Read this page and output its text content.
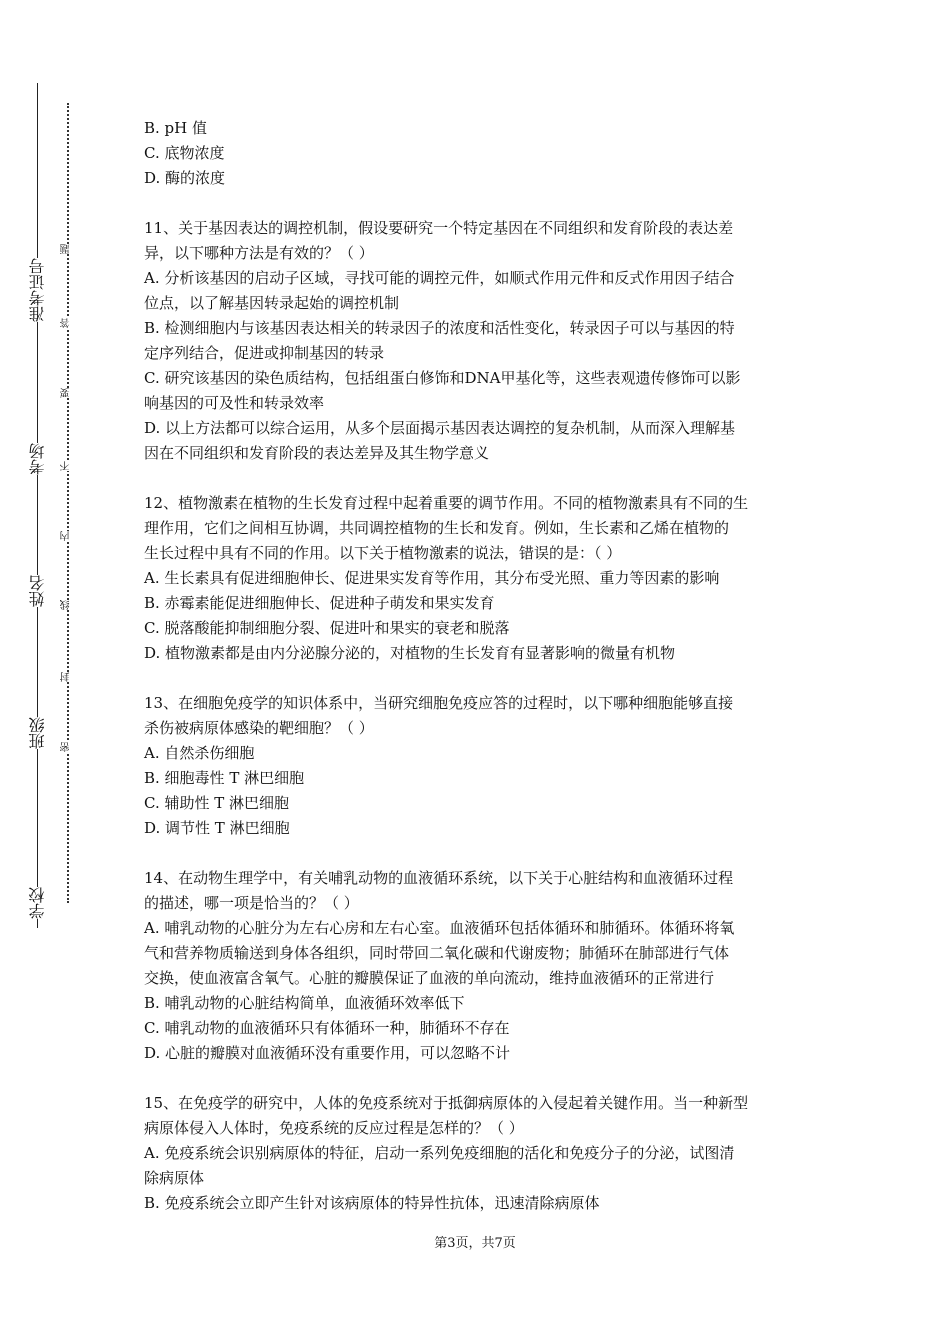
准考证号
考场
姓名
班级
学校
题
答
要
不
内
线
封
密
B. pH 值
C. 底物浓度
D. 酶的浓度
11、关于基因表达的调控机制，假设要研究一个特定基因在不同组织和发育阶段的表达差
异，以下哪种方法是有效的？（ ）
A. 分析该基因的启动子区域，寻找可能的调控元件，如顺式作用元件和反式作用因子结合
位点，以了解基因转录起始的调控机制
B. 检测细胞内与该基因表达相关的转录因子的浓度和活性变化，转录因子可以与基因的特
定序列结合，促进或抑制基因的转录
C. 研究该基因的染色质结构，包括组蛋白修饰和DNA甲基化等，这些表观遗传修饰可以影
响基因的可及性和转录效率
D. 以上方法都可以综合运用，从多个层面揭示基因表达调控的复杂机制，从而深入理解基
因在不同组织和发育阶段的表达差异及其生物学意义
12、植物激素在植物的生长发育过程中起着重要的调节作用。不同的植物激素具有不同的生
理作用，它们之间相互协调，共同调控植物的生长和发育。例如，生长素和乙烯在植物的
生长过程中具有不同的作用。以下关于植物激素的说法，错误的是：（ ）
A. 生长素具有促进细胞伸长、促进果实发育等作用，其分布受光照、重力等因素的影响
B. 赤霉素能促进细胞伸长、促进种子萌发和果实发育
C. 脱落酸能抑制细胞分裂、促进叶和果实的衰老和脱落
D. 植物激素都是由内分泌腺分泌的，对植物的生长发育有显著影响的微量有机物
13、在细胞免疫学的知识体系中，当研究细胞免疫应答的过程时，以下哪种细胞能够直接
杀伤被病原体感染的靶细胞？（ ）
A. 自然杀伤细胞
B. 细胞毒性 T 淋巴细胞
C. 辅助性 T 淋巴细胞
D. 调节性 T 淋巴细胞
14、在动物生理学中，有关哺乳动物的血液循环系统，以下关于心脏结构和血液循环过程
的描述，哪一项是恰当的？（ ）
A. 哺乳动物的心脏分为左右心房和左右心室。血液循环包括体循环和肺循环。体循环将氧
气和营养物质输送到身体各组织，同时带回二氧化碳和代谢废物；肺循环在肺部进行气体
交换，使血液富含氧气。心脏的瓣膜保证了血液的单向流动，维持血液循环的正常进行
B. 哺乳动物的心脏结构简单，血液循环效率低下
C. 哺乳动物的血液循环只有体循环一种，肺循环不存在
D. 心脏的瓣膜对血液循环没有重要作用，可以忽略不计
15、在免疫学的研究中，人体的免疫系统对于抵御病原体的入侵起着关键作用。当一种新型
病原体侵入人体时，免疫系统的反应过程是怎样的？（ ）
A. 免疫系统会识别病原体的特征，启动一系列免疫细胞的活化和免疫分子的分泌，试图清
除病原体
B. 免疫系统会立即产生针对该病原体的特异性抗体，迅速清除病原体
第3页，共7页
